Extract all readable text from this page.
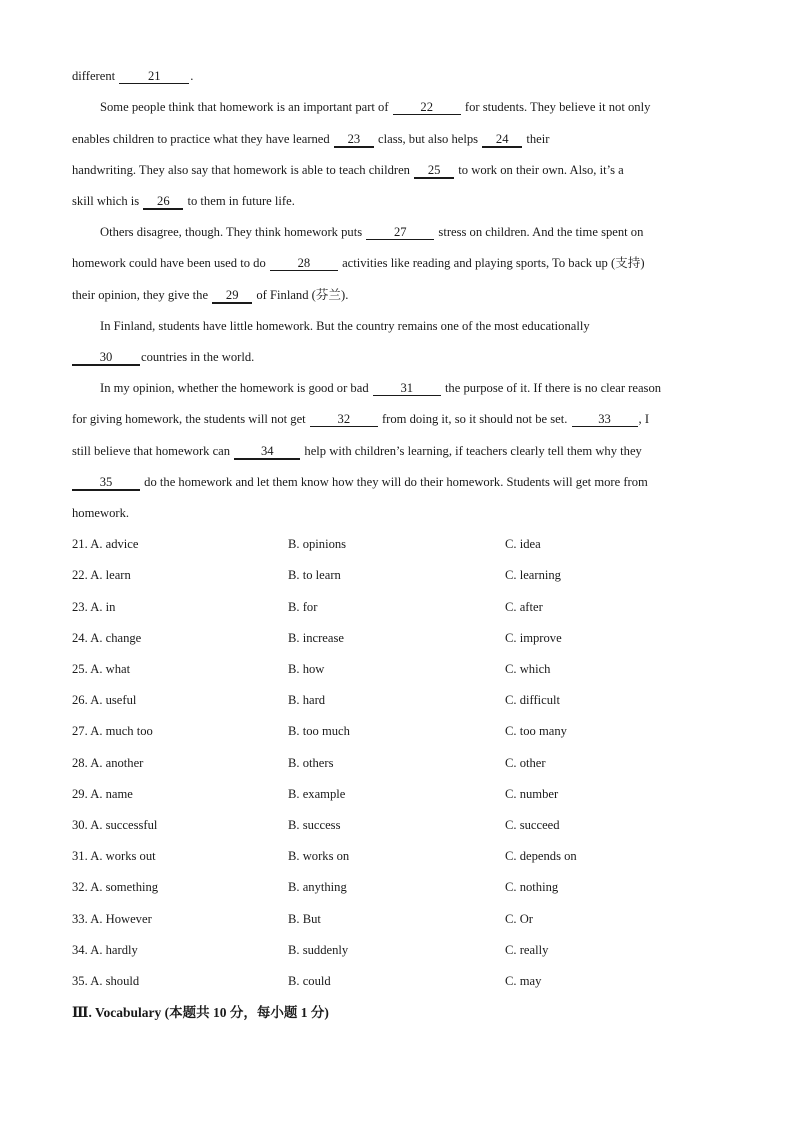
different	21 .
Some people think that homework is an important part of	22	for students. They believe it not only
enables children to practice what they have learned 23 class, but also helps 24 their
handwriting. They also say that homework is able to teach children 25 to work on their own. Also, it’s a
skill which is 26 to them in future life.
Others disagree, though. They think homework puts	27	stress on children. And the time spent on
homework could have been used to do	28	activities like reading and playing sports, To back up (支持)
their opinion, they give the 29 of Finland (芬兰).
In Finland, students have little homework. But the country remains one of the most educationally
30 countries in the world.
In my opinion, whether the homework is good or bad	31	the purpose of it. If there is no clear reason
for giving homework, the students will not get	32	from doing it, so it should not be set. 33 , I
still believe that homework can 34 help with children’s learning, if teachers clearly tell them why they
35	do the homework and let them know how they will do their homework. Students will get more from
homework.
21. A. advice	B. opinions	C. idea
22. A. learn	B. to learn	C. learning
23. A. in	B. for	C. after
24. A. change	B. increase	C. improve
25. A. what	B. how	C. which
26. A. useful	B. hard	C. difficult
27. A. much too	B. too much	C. too many
28. A. another	B. others	C. other
29. A. name	B. example	C. number
30. A. successful	B. success	C. succeed
31. A. works out	B. works on	C. depends on
32. A. something	B. anything	C. nothing
33. A. However	B. But	C. Or
34. A. hardly	B. suddenly	C. really
35. A. should	B. could	C. may
Ⅲ. Vocabulary (本题共 10 分，每小题 1 分)
